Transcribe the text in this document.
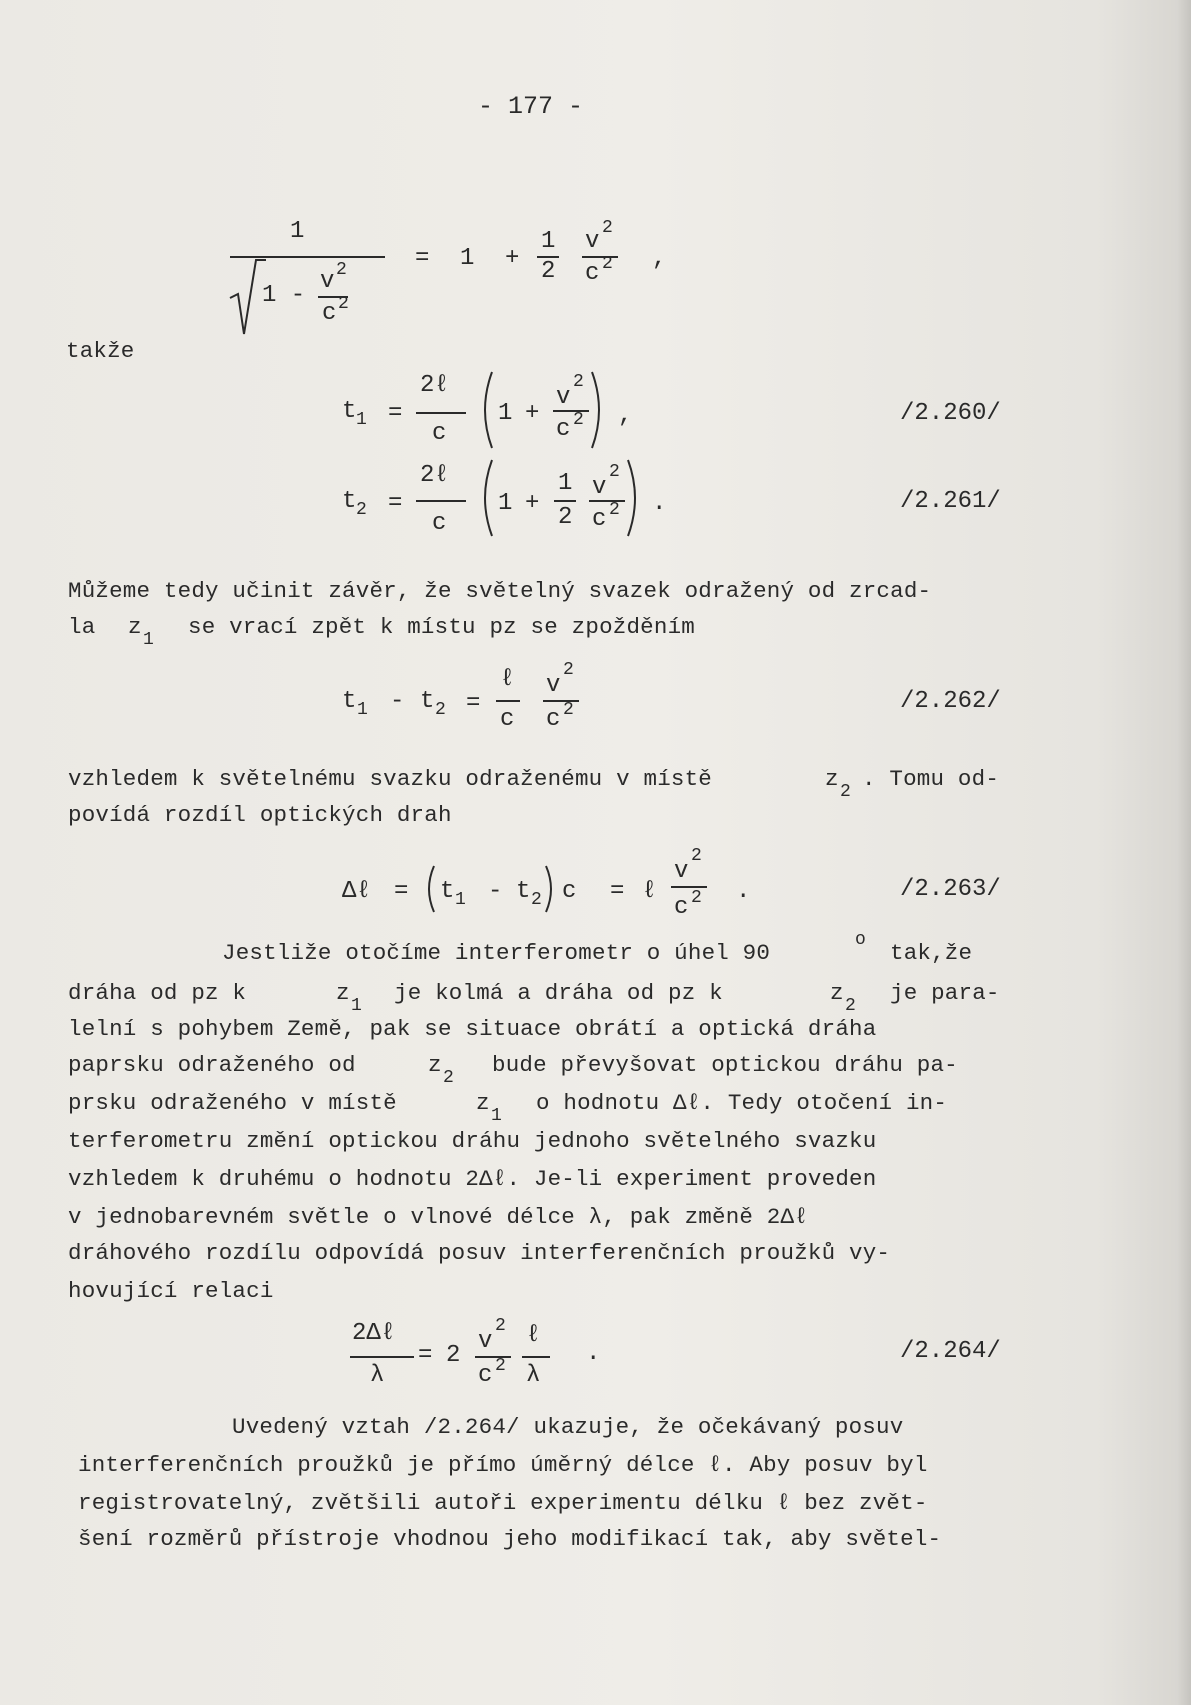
- 177 -
1
1 -
v 2
c 2
= 1 +
1
2
v 2
c 2 ,
takže
t 1 =
2ℓ
c
1 +
v
2
c 2 ,	/2.260/
t 2 =
2ℓ
c
1 +
1
2
v
2
c 2 .	/2.261/
Můžeme tedy učinit závěr, že světelný svazek odražený od zrcad-
la z 1 se vrací zpět k místu pz se zpožděním
t 1 - t 2 =
ℓ
c
v
2
c 2	/2.262/
vzhledem k světelnému svazku odraženému v místě	z 2 . Tomu od-
povídá rozdíl optických drah
Δℓ = t 1 - t 2 c = ℓ
v
2
c 2 .	/2.263/
Jestliže otočíme interferometr o úhel 90	o tak,že
dráha od pz k	z 1 je kolmá a dráha od pz k	z 2 je para-
lelní s pohybem Země, pak se situace obrátí a optická dráha
paprsku odraženého od	z 2 bude převyšovat optickou dráhu pa-
prsku odraženého v místě	z 1 o hodnotu Δℓ. Tedy otočení in-
terferometru změní optickou dráhu jednoho světelného svazku
vzhledem k druhému o hodnotu 2Δℓ. Je-li experiment proveden
v jednobarevném světle o vlnové délce λ, pak změně 2Δℓ
dráhového rozdílu odpovídá posuv interferenčních proužků vy-
hovující relaci
2Δℓ
λ
= 2
v
2
c 2
ℓ
λ
.	/2.264/
Uvedený vztah /2.264/ ukazuje, že očekávaný posuv
interferenčních proužků je přímo úměrný délce ℓ. Aby posuv byl
registrovatelný, zvětšili autoři experimentu délku ℓ bez zvět-
šení rozměrů přístroje vhodnou jeho modifikací tak, aby světel-
